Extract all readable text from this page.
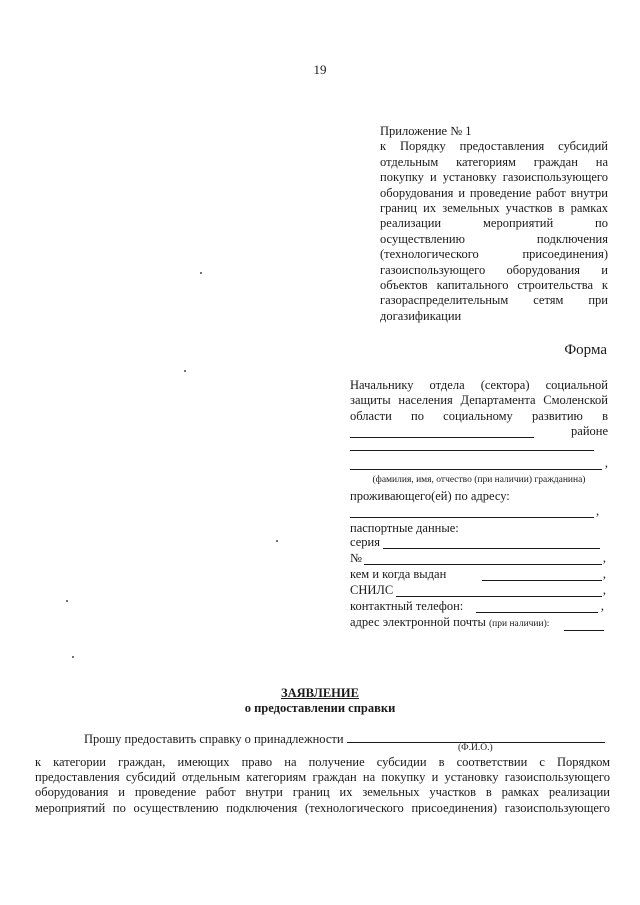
19
Приложение № 1
к Порядку предоставления субсидий
отдельным категориям граждан на
покупку и установку газоиспользующего
оборудования и проведение работ внутри
границ их земельных участков в рамках
реализации мероприятий по
осуществлению подключения
(технологического присоединения)
газоиспользующего оборудования и
объектов капитального строительства к
газораспределительным сетям при
догазификации
Форма
Начальнику отдела (сектора) социальной
защиты населения Департамента Смоленской
области по социальному развитию в
районе
,
(фамилия, имя, отчество (при наличии) гражданина)
проживающего(ей) по адресу:
,
паспортные данные:
серия
№	,
кем и когда выдан	,
СНИЛС	,
контактный телефон:	,
адрес электронной почты (при наличии):
ЗАЯВЛЕНИЕ
о предоставлении справки
Прошу предоставить справку о принадлежности
(Ф.И.О.)
к категории граждан, имеющих право на получение субсидии в соответствии с Порядком
предоставления субсидий отдельным категориям граждан на покупку и установку газоиспользующего
оборудования и проведение работ внутри границ их земельных участков в рамках реализации
мероприятий по осуществлению подключения (технологического присоединения) газоиспользующего
